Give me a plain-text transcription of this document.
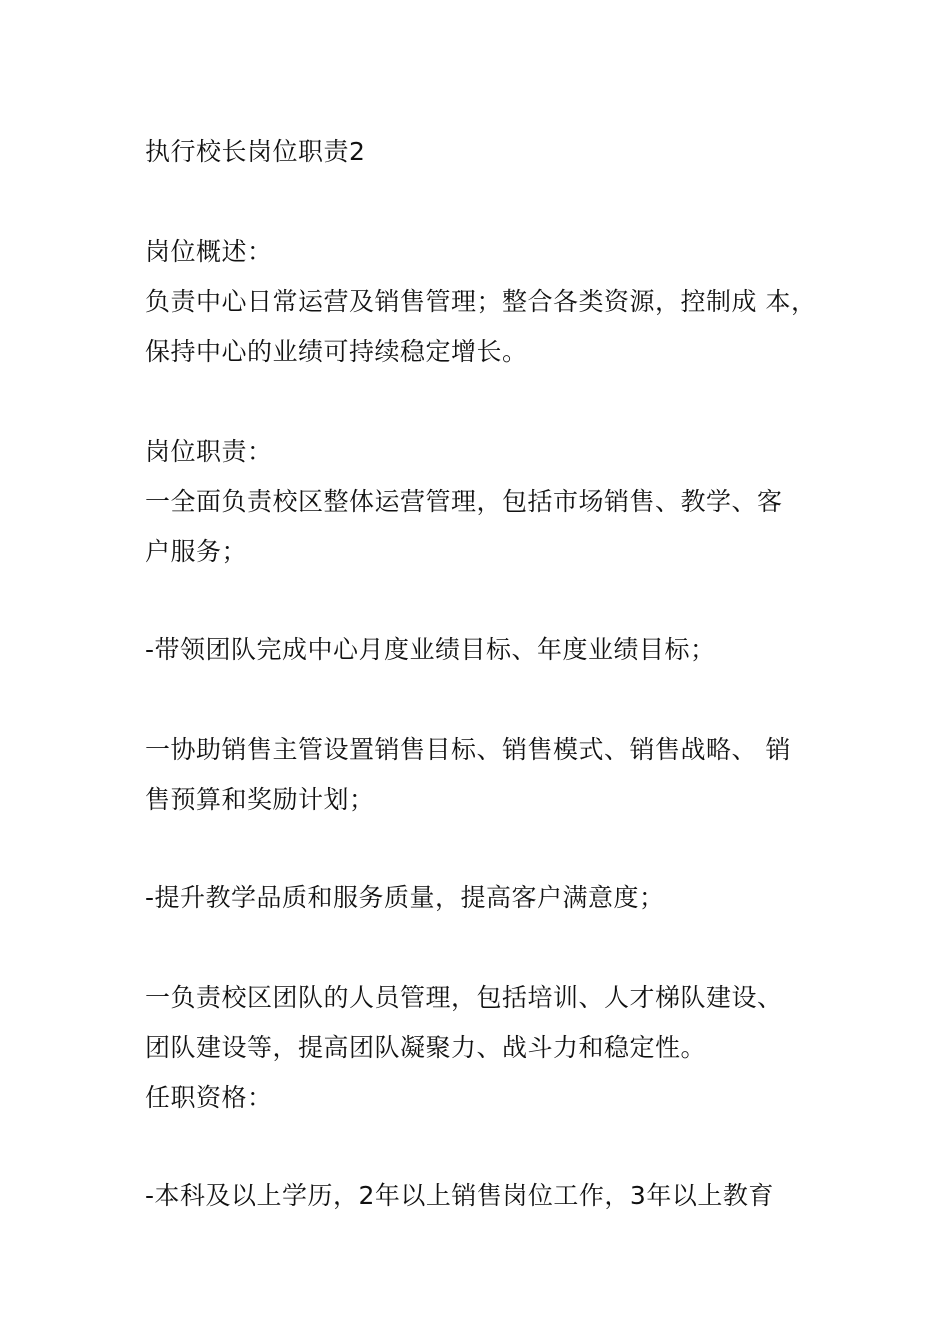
执行校长岗位职责2
岗位概述：
负责中心日常运营及销售管理；整合各类资源，控制成 本，
保持中心的业绩可持续稳定增长。
岗位职责：
一全面负责校区整体运营管理，包括市场销售、教学、客
户服务；
-带领团队完成中心月度业绩目标、年度业绩目标；
一协助销售主管设置销售目标、销售模式、销售战略、 销
售预算和奖励计划；
-提升教学品质和服务质量，提高客户满意度；
一负责校区团队的人员管理，包括培训、人才梯队建设、
团队建设等，提高团队凝聚力、战斗力和稳定性。
任职资格：
-本科及以上学历，2年以上销售岗位工作，3年以上教育
